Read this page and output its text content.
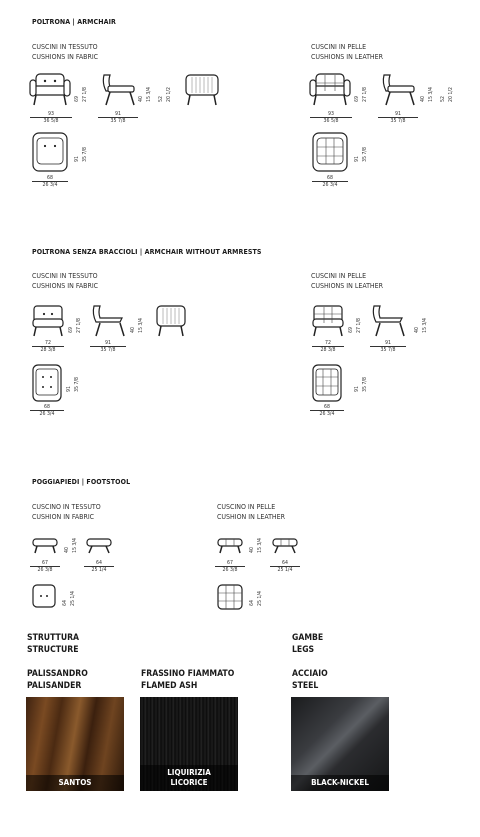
POLTRONA | ARMCHAIR
CUSCINI IN TESSUTO
CUSHIONS IN FABRIC
CUSCINI IN PELLE
CUSHIONS IN LEATHER
69 27 1/8	40 15 3/4 52 20 1/2
93
36 5/8
91
35 7/8
91 35 7/8
68
26 3/4
69 27 1/8	40 15 3/4 52 20 1/2
93
36 5/8
91
35 7/8
91 35 7/8
68
26 3/4
POLTRONA SENZA BRACCIOLI | ARMCHAIR WITHOUT ARMRESTS
CUSCINI IN TESSUTO
CUSHIONS IN FABRIC
CUSCINI IN PELLE
CUSHIONS IN LEATHER
69 27 1/8	40 15 3/4
72
28 3/8
91
35 7/8
91 35 7/8
68
26 3/4
69 27 1/8	40 15 3/4
72
28 3/8
91
35 7/8
91 35 7/8
68
26 3/4
POGGIAPIEDI | FOOTSTOOL
CUSCINO IN TESSUTO
CUSHION IN FABRIC
CUSCINO IN PELLE
CUSHION IN LEATHER
40 15 3/4
67
26 3/8
64
25 1/4
64 25 1/4
40 15 3/4
67
26 3/8
64
25 1/4
64 25 1/4
STRUTTURA
STRUCTURE
GAMBE
LEGS
PALISSANDRO
PALISANDER
FRASSINO FIAMMATO
FLAMED ASH
ACCIAIO
STEEL
SANTOS
LIQUIRIZIA
LICORICE	BLACK-NICKEL
